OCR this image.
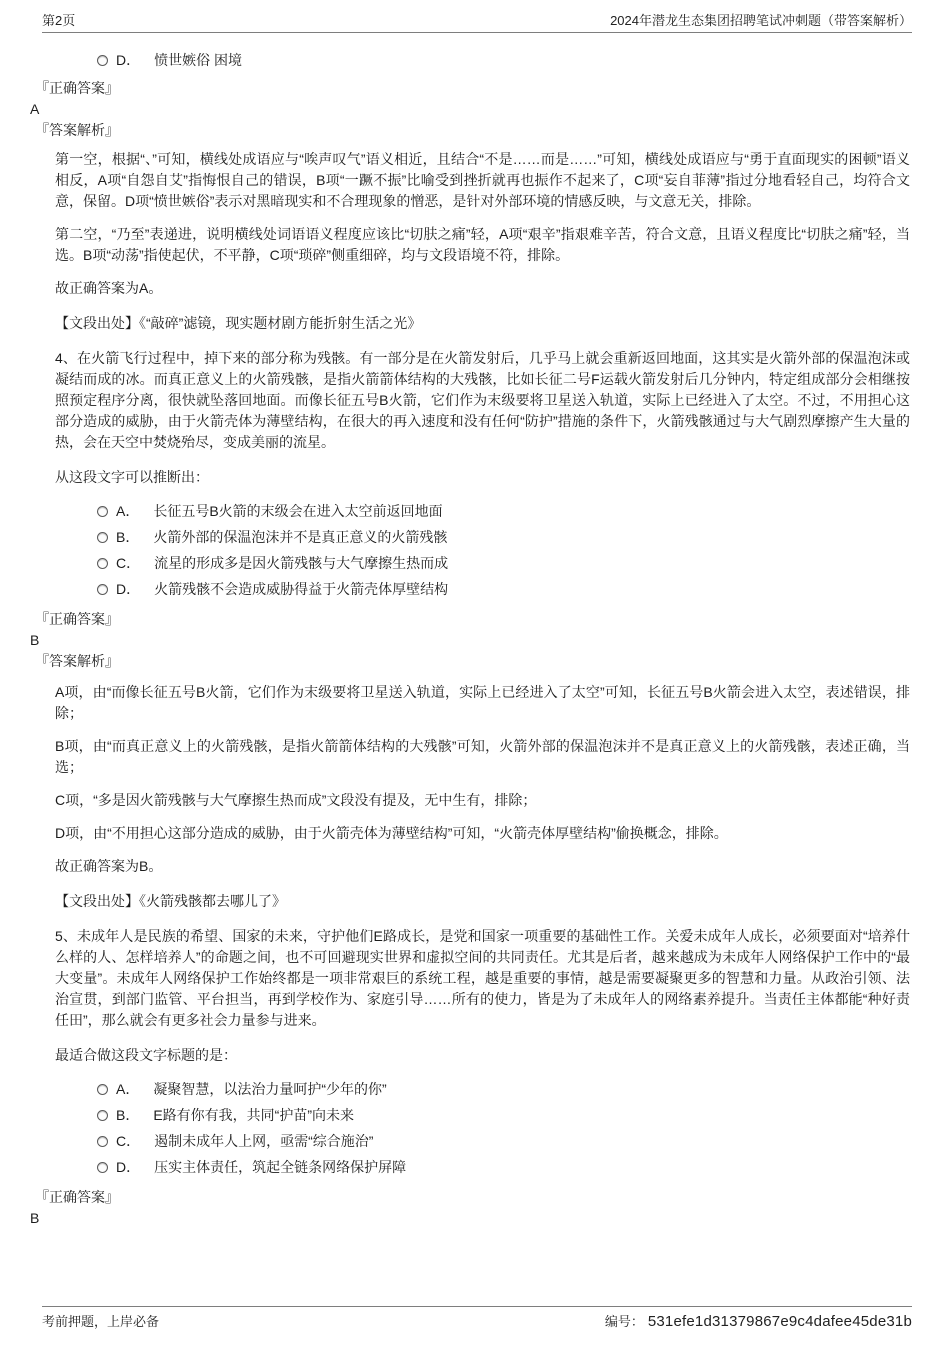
第2页	2024年潜龙生态集团招聘笔试冲刺题（带答案解析）
D． 愤世嫉俗 困境
『正确答案』
A
『答案解析』

第一空，根据“、”可知，横线处成语应与“唉声叹气”语义相近，且结合“不是……而是……”可知，横线处成语应与“勇于直面现实的困顿”语义相反，A项“自怨自艾”指悔恨自己的错误，B项“一蹶不振”比喻受到挫折就再也振作不起来了，C项“妄自菲薄”指过分地看轻自己，均符合文意，保留。D项“愤世嫉俗”表示对黑暗现实和不合理现象的憎恶，是针对外部环境的情感反映，与文意无关，排除。

第二空，“乃至”表递进，说明横线处词语语义程度应该比“切肤之痛”轻，A项“艰辛”指艰难辛苦，符合文意，且语义程度比“切肤之痛”轻，当选。B项“动荡”指使起伏，不平静，C项“琐碎”侧重细碎，均与文段语境不符，排除。

故正确答案为A。

【文段出处】《“敲碎”滤镜，现实题材剧方能折射生活之光》

4、在火箭飞行过程中，掉下来的部分称为残骸。有一部分是在火箭发射后，几乎马上就会重新返回地面，这其实是火箭外部的保温泡沫或凝结而成的冰。而真正意义上的火箭残骸，是指火箭箭体结构的大残骸，比如长征二号F运载火箭发射后几分钟内，特定组成部分会相继按照预定程序分离，很快就坠落回地面。而像长征五号B火箭，它们作为末级要将卫星送入轨道，实际上已经进入了太空。不过，不用担心这部分造成的威胁，由于火箭壳体为薄壁结构，在很大的再入速度和没有任何“防护”措施的条件下，火箭残骸通过与大气剧烈摩擦产生大量的热，会在天空中焚烧殆尽，变成美丽的流星。

从这段文字可以推断出：

A． 长征五号B火箭的末级会在进入太空前返回地面
B． 火箭外部的保温泡沫并不是真正意义的火箭残骸
C． 流星的形成多是因火箭残骸与大气摩擦生热而成
D． 火箭残骸不会造成威胁得益于火箭壳体厚壁结构
『正确答案』
B
『答案解析』

A项，由“而像长征五号B火箭，它们作为末级要将卫星送入轨道，实际上已经进入了太空”可知，长征五号B火箭会进入太空，表述错误，排除；

B项，由“而真正意义上的火箭残骸，是指火箭箭体结构的大残骸”可知，火箭外部的保温泡沫并不是真正意义上的火箭残骸，表述正确，当选；

C项，“多是因火箭残骸与大气摩擦生热而成”文段没有提及，无中生有，排除；

D项，由“不用担心这部分造成的威胁，由于火箭壳体为薄壁结构”可知，“火箭壳体厚壁结构”偷换概念，排除。

故正确答案为B。

【文段出处】《火箭残骸都去哪儿了》

5、未成年人是民族的希望、国家的未来，守护他们E路成长，是党和国家一项重要的基础性工作。关爱未成年人成长，必须要面对“培养什么样的人、怎样培养人”的命题之间，也不可回避现实世界和虚拟空间的共同责任。尤其是后者，越来越成为未成年人网络保护工作中的“最大变量”。未成年人网络保护工作始终都是一项非常艰巨的系统工程，越是重要的事情，越是需要凝聚更多的智慧和力量。从政治引领、法治宣贯，到部门监管、平台担当，再到学校作为、家庭引导……所有的使力，皆是为了未成年人的网络素养提升。当责任主体都能“种好责任田”，那么就会有更多社会力量参与进来。

最适合做这段文字标题的是：

A． 凝聚智慧，以法治力量呵护“少年的你”
B． E路有你有我，共同“护苗”向未来
C． 遏制未成年人上网，亟需“综合施治”
D． 压实主体责任，筑起全链条网络保护屏障
『正确答案』
B
考前押题，上岸必备	编号： 531efe1d31379867e9c4dafee45de31b
